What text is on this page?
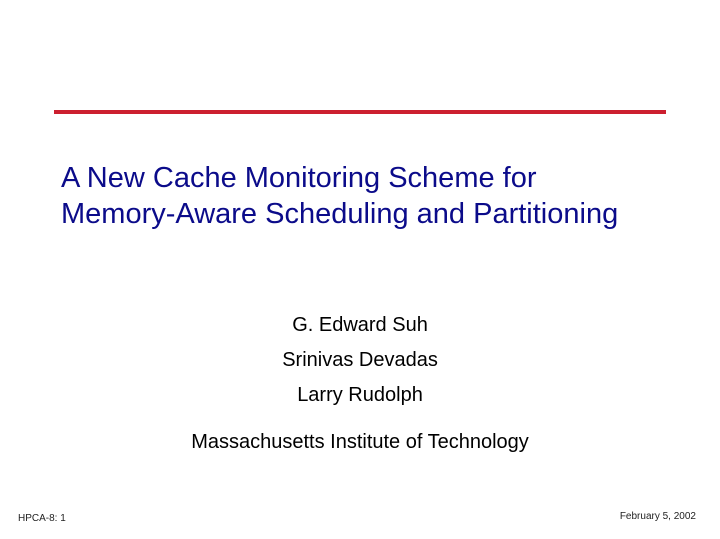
A New Cache Monitoring Scheme for
Memory-Aware Scheduling and Partitioning
G. Edward Suh
Srinivas Devadas
Larry Rudolph
Massachusetts Institute of Technology
HPCA-8: 1	February 5, 2002
